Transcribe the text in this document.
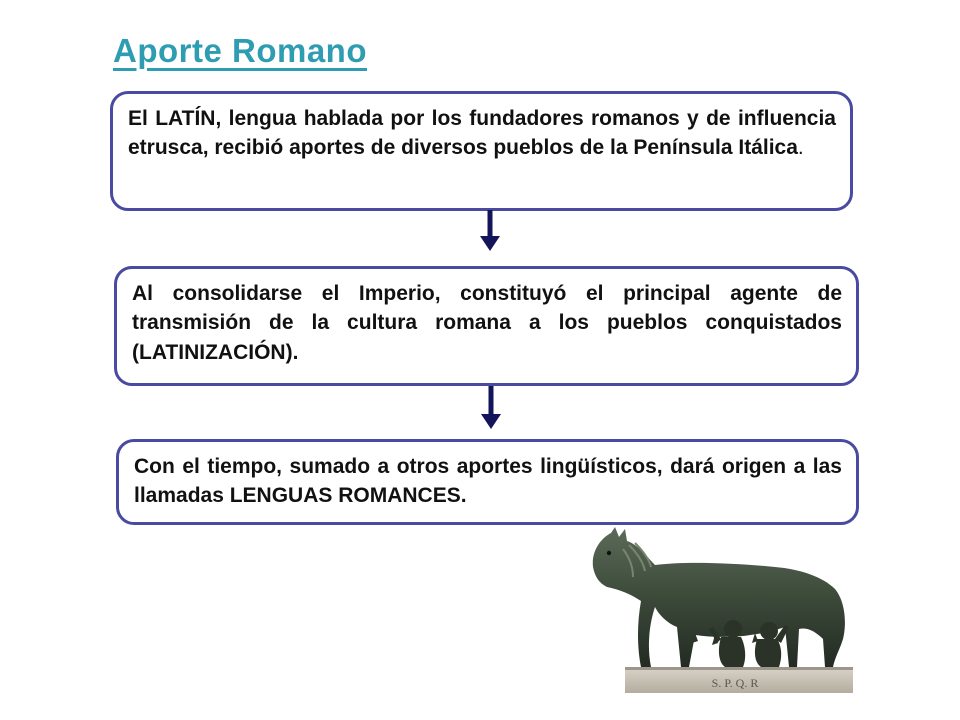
Aporte Romano
El LATÍN, lengua hablada por los fundadores romanos y de influencia etrusca, recibió aportes de diversos pueblos de la Península Itálica.
Al consolidarse el Imperio, constituyó el principal agente de transmisión de la cultura romana a los pueblos conquistados (LATINIZACIÓN).
Con el tiempo, sumado a otros aportes lingüísticos, dará origen a las llamadas LENGUAS ROMANCES.
S. P. Q. R
